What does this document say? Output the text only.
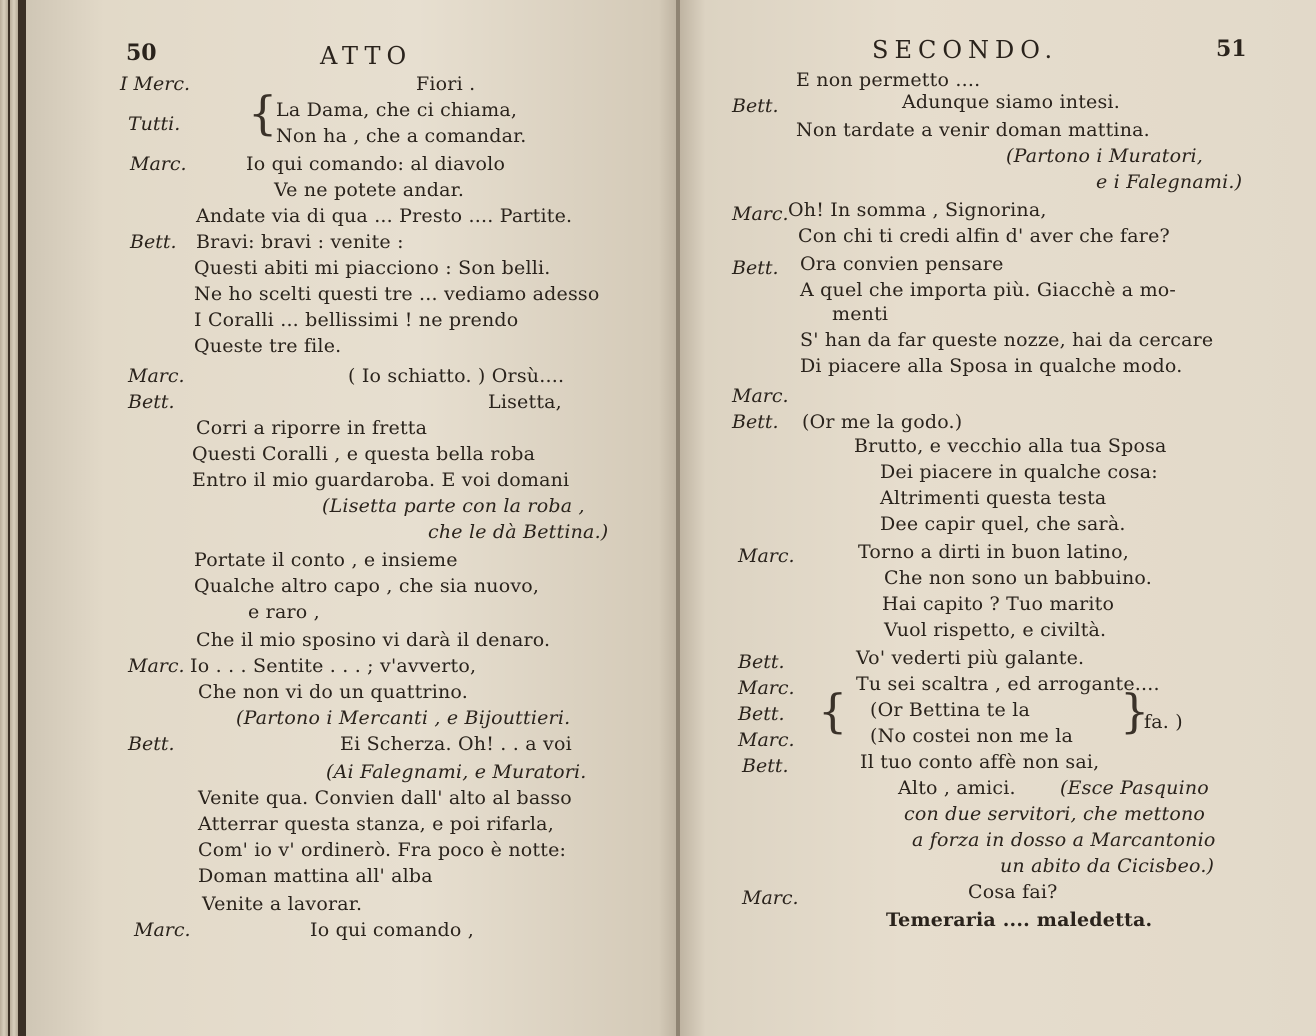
50	ATTO
I Merc.	Fiori .
Tutti. {
La Dama, che ci chiama,
Non ha , che a comandar.
Marc.	Io qui comando: al diavolo
Ve ne potete andar.
Andate via di qua ... Presto .... Partite.
Bett. Bravi: bravi : venite :
Questi abiti mi piacciono : Son belli.
Ne ho scelti questi tre ... vediamo adesso
I Coralli ... bellissimi ! ne prendo
Queste tre file.
Marc.	( Io schiatto. ) Orsù....
Bett.	Lisetta,
Corri a riporre in fretta
Questi Coralli , e questa bella roba
Entro il mio guardaroba. E voi domani
(Lisetta parte con la roba ,
che le dà Bettina.)
Portate il conto , e insieme
Qualche altro capo , che sia nuovo,
e raro ,
Che il mio sposino vi darà il denaro.
Marc. Io . . . Sentite . . . ; v'avverto,
Che non vi do un quattrino.
(Partono i Mercanti , e Bijouttieri.
Bett.	Ei Scherza. Oh! . . a voi
(Ai Falegnami, e Muratori.
Venite qua. Convien dall' alto al basso
Atterrar questa stanza, e poi rifarla,
Com' io v' ordinerò. Fra poco è notte:
Doman mattina all' alba
Venite a lavorar.
Marc.	Io qui comando ,
SECONDO.	51
E non permetto ....
Bett.	Adunque siamo intesi.
Non tardate a venir doman mattina.
(Partono i Muratori,
e i Falegnami.)
Marc. Oh! In somma , Signorina,
Con chi ti credi alfin d' aver che fare?
Bett. Ora convien pensare
A quel che importa più. Giacchè a mo-
menti
S' han da far queste nozze, hai da cercare
Di piacere alla Sposa in qualche modo.
Marc.
Bett. (Or me la godo.)
Brutto, e vecchio alla tua Sposa
Dei piacere in qualche cosa:
Altrimenti questa testa
Dee capir quel, che sarà.
Marc.	Torno a dirti in buon latino,
Che non sono un babbuino.
Hai capito ? Tuo marito
Vuol rispetto, e civiltà.
Bett.	Vo' vederti più galante.
Marc.	Tu sei scaltra , ed arrogante....
Bett.
Marc.
{ (Or Bettina te la
(No costei non me la }
fa. )
Bett.	Il tuo conto affè non sai,
Alto , amici. (Esce Pasquino
con due servitori, che mettono
a forza in dosso a Marcantonio
un abito da Cicisbeo.)
Marc.	Cosa fai?
Temeraria .... maledetta.
